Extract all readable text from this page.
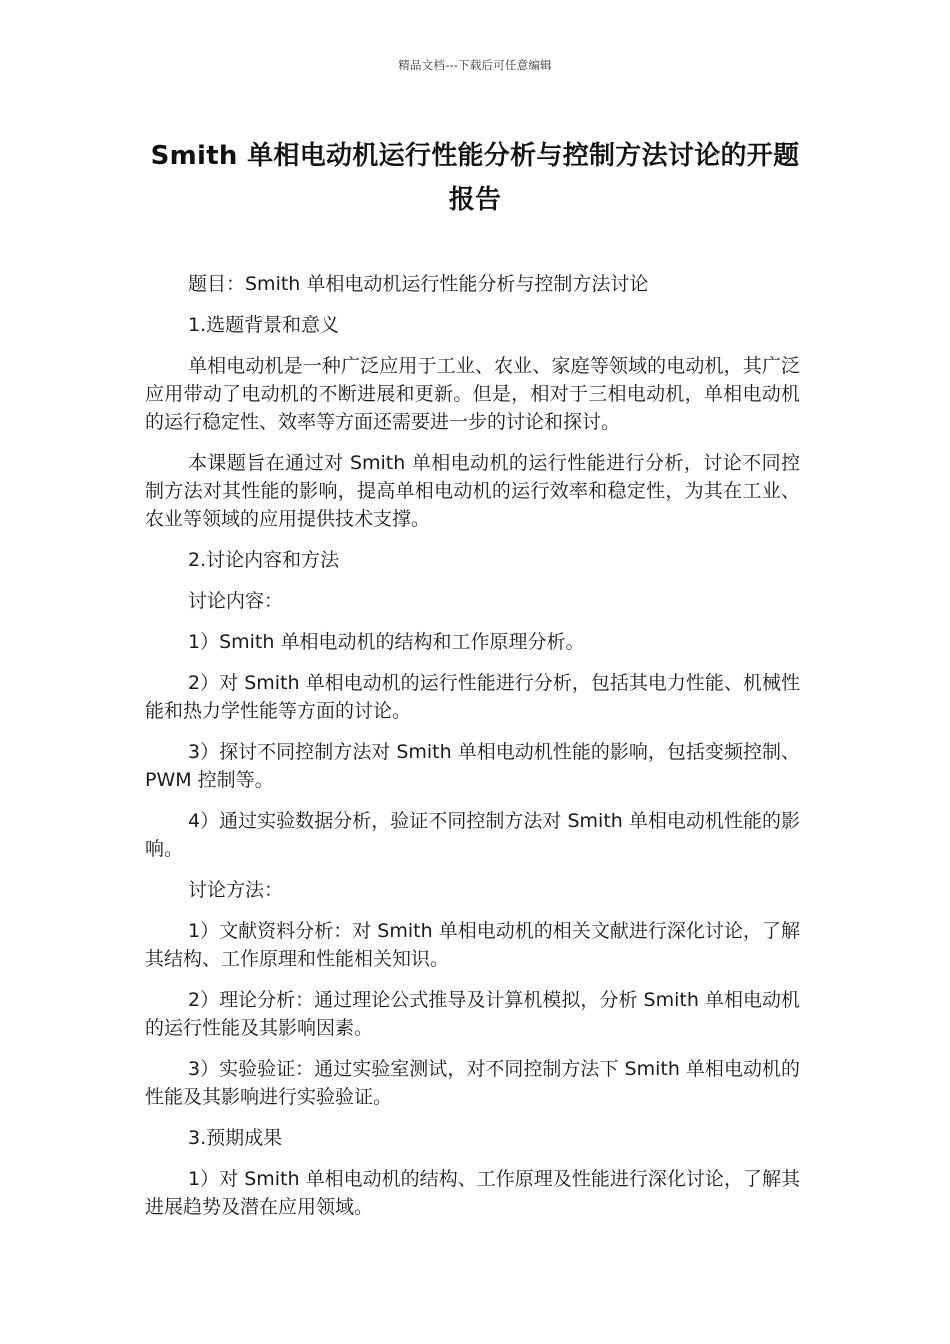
精品文档---下载后可任意编辑
Smith 单相电动机运行性能分析与控制方法讨论的开题报告

题目：Smith 单相电动机运行性能分析与控制方法讨论

1.选题背景和意义

单相电动机是一种广泛应用于工业、农业、家庭等领域的电动机，其广泛应用带动了电动机的不断进展和更新。但是，相对于三相电动机，单相电动机的运行稳定性、效率等方面还需要进一步的讨论和探讨。

本课题旨在通过对 Smith 单相电动机的运行性能进行分析，讨论不同控制方法对其性能的影响，提高单相电动机的运行效率和稳定性，为其在工业、农业等领域的应用提供技术支撑。

2.讨论内容和方法

讨论内容：

1）Smith 单相电动机的结构和工作原理分析。

2）对 Smith 单相电动机的运行性能进行分析，包括其电力性能、机械性能和热力学性能等方面的讨论。

3）探讨不同控制方法对 Smith 单相电动机性能的影响，包括变频控制、PWM 控制等。

4）通过实验数据分析，验证不同控制方法对 Smith 单相电动机性能的影响。

讨论方法：

1）文献资料分析：对 Smith 单相电动机的相关文献进行深化讨论，了解其结构、工作原理和性能相关知识。

2）理论分析：通过理论公式推导及计算机模拟，分析 Smith 单相电动机的运行性能及其影响因素。

3）实验验证：通过实验室测试，对不同控制方法下 Smith 单相电动机的性能及其影响进行实验验证。

3.预期成果

1）对 Smith 单相电动机的结构、工作原理及性能进行深化讨论，了解其进展趋势及潜在应用领域。
